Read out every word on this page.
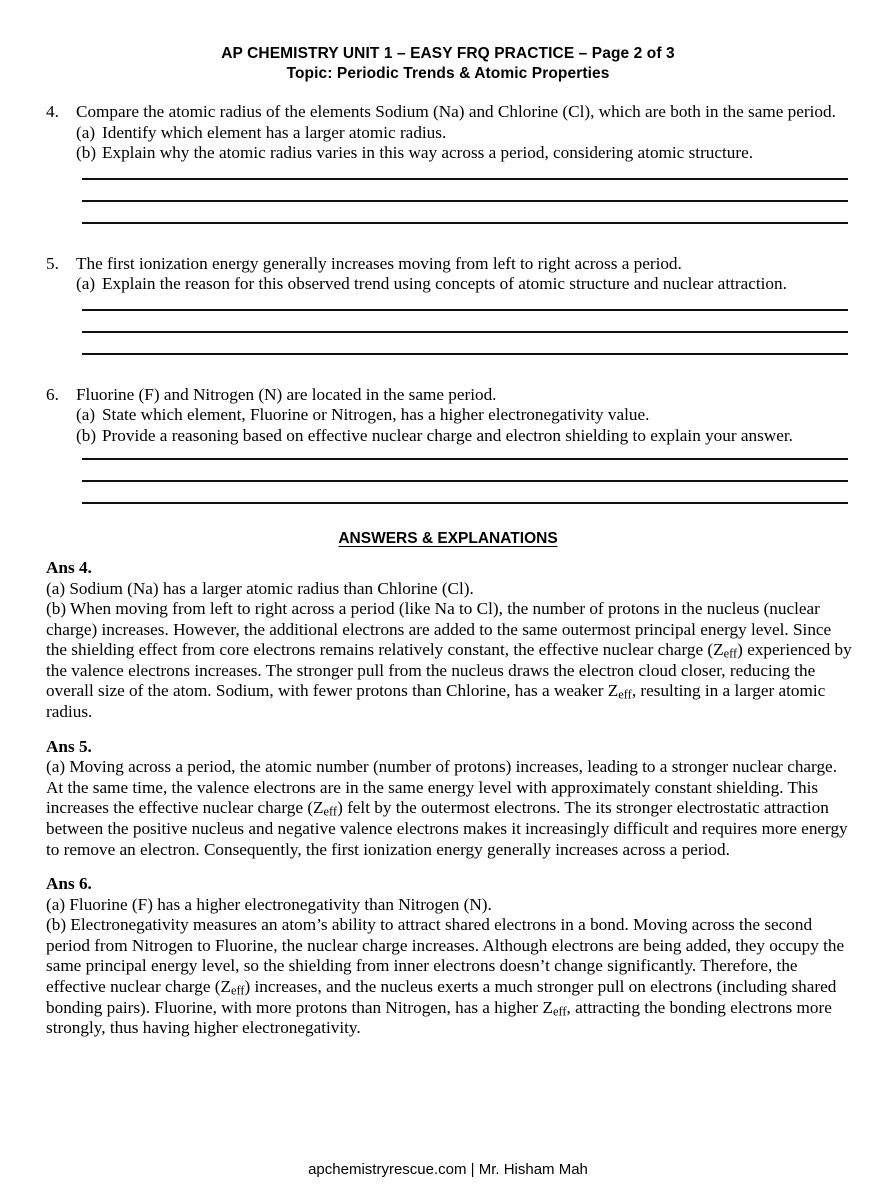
AP CHEMISTRY UNIT 1 – EASY FRQ PRACTICE – Page 2 of 3
Topic: Periodic Trends & Atomic Properties
4. Compare the atomic radius of the elements Sodium (Na) and Chlorine (Cl), which are both in the same period.

(a) Identify which element has a larger atomic radius.
(b) Explain why the atomic radius varies in this way across a period, considering atomic structure.
5. The first ionization energy generally increases moving from left to right across a period.

(a) Explain the reason for this observed trend using concepts of atomic structure and nuclear attraction.
6. Fluorine (F) and Nitrogen (N) are located in the same period.

(a) State which element, Fluorine or Nitrogen, has a higher electronegativity value.
(b) Provide a reasoning based on effective nuclear charge and electron shielding to explain your answer.
ANSWERS & EXPLANATIONS
Ans 4.

(a) Sodium (Na) has a larger atomic radius than Chlorine (Cl).

(b) When moving from left to right across a period (like Na to Cl), the number of protons in the nucleus (nuclear charge) increases. However, the additional electrons are added to the same outermost principal energy level. Since the shielding effect from core electrons remains relatively constant, the effective nuclear charge $(Z_{eff})$ experienced by the valence electrons increases. The stronger pull from the nucleus draws the electron cloud closer, reducing the overall size of the atom. Sodium, with fewer protons than Chlorine, has a weaker $Z_{eff}$, resulting in a larger atomic radius.

Ans 5.

(a) Moving across a period, the atomic number (number of protons) increases, leading to a stronger nuclear charge. At the same time, the valence electrons are in the same energy level with approximately constant shielding. This increases the effective nuclear charge $(Z_{eff})$ felt by the outermost electrons. The its stronger electrostatic attraction between the positive nucleus and negative valence electrons makes it increasingly difficult and requires more energy to remove an electron. Consequently, the first ionization energy generally increases across a period.

Ans 6.

(a) Fluorine (F) has a higher electronegativity than Nitrogen (N).

(b) Electronegativity measures an atom’s ability to attract shared electrons in a bond. Moving across the second period from Nitrogen to Fluorine, the nuclear charge increases. Although electrons are being added, they occupy the same principal energy level, so the shielding from inner electrons doesn’t change significantly. Therefore, the effective nuclear charge $(Z_{eff})$ increases, and the nucleus exerts a much stronger pull on electrons (including shared bonding pairs). Fluorine, with more protons than Nitrogen, has a higher $Z_{eff}$, attracting the bonding electrons more strongly, thus having higher electronegativity.

apchemistryrescue.com | Mr. Hisham Mah
